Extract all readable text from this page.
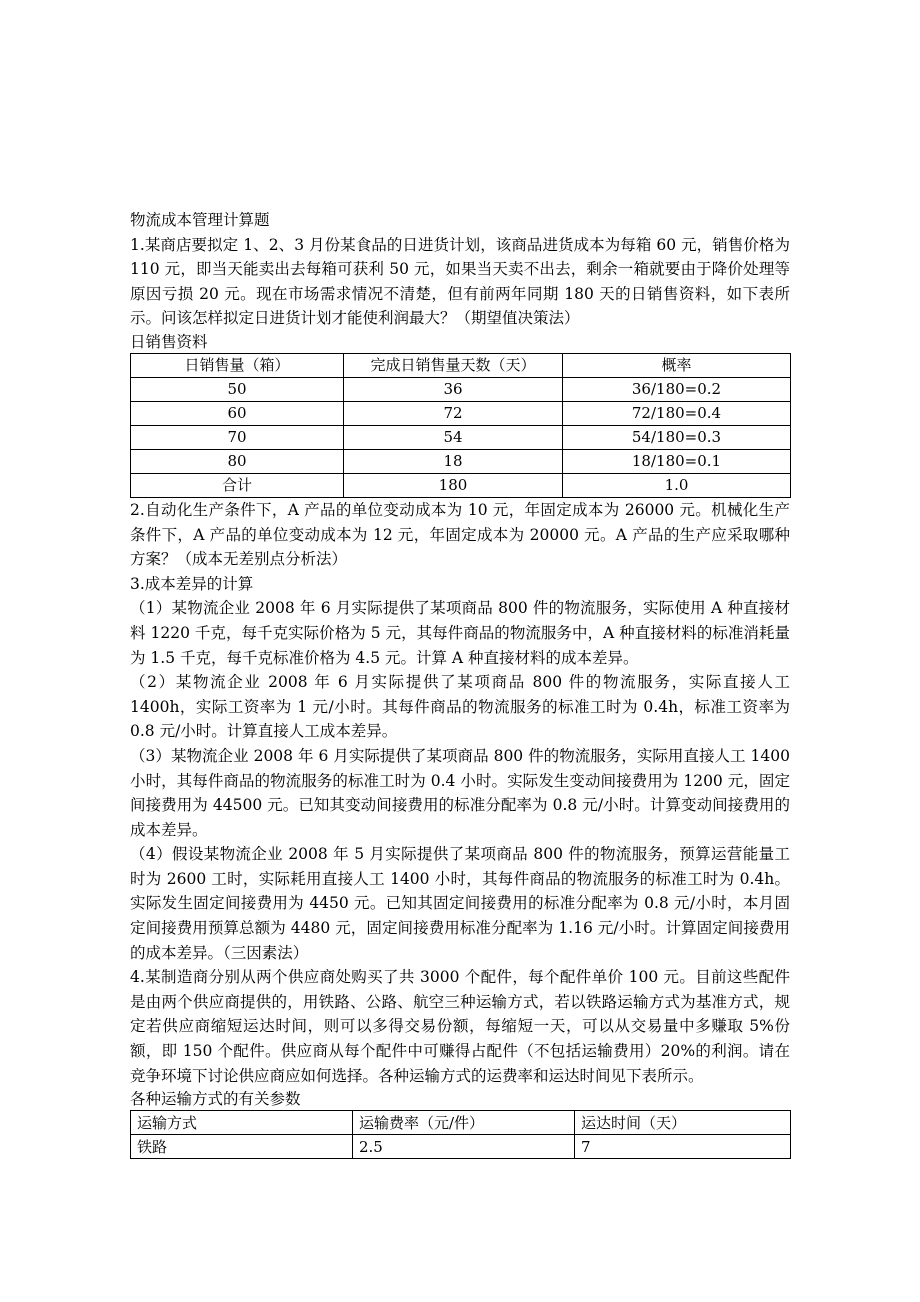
物流成本管理计算题

1.某商店要拟定 1、2、3 月份某食品的日进货计划，该商品进货成本为每箱 60 元，销售价格为 110 元，即当天能卖出去每箱可获利 50 元，如果当天卖不出去，剩余一箱就要由于降价处理等原因亏损 20 元。现在市场需求情况不清楚，但有前两年同期 180 天的日销售资料，如下表所示。问该怎样拟定日进货计划才能使利润最大？（期望值决策法）

日销售资料

日销售量（箱）	完成日销售量天数（天）	概率
50	36	36/180=0.2
60	72	72/180=0.4
70	54	54/180=0.3
80	18	18/180=0.1
合计	180	1.0

2.自动化生产条件下，A 产品的单位变动成本为 10 元，年固定成本为 26000 元。机械化生产条件下，A 产品的单位变动成本为 12 元，年固定成本为 20000 元。A 产品的生产应采取哪种方案？（成本无差别点分析法）

3.成本差异的计算

（1）某物流企业 2008 年 6 月实际提供了某项商品 800 件的物流服务，实际使用 A 种直接材料 1220 千克，每千克实际价格为 5 元，其每件商品的物流服务中，A 种直接材料的标准消耗量为 1.5 千克，每千克标准价格为 4.5 元。计算 A 种直接材料的成本差异。

（2）某物流企业 2008 年 6 月实际提供了某项商品 800 件的物流服务，实际直接人工 1400h，实际工资率为 1 元/小时。其每件商品的物流服务的标准工时为 0.4h，标准工资率为 0.8 元/小时。计算直接人工成本差异。

（3）某物流企业 2008 年 6 月实际提供了某项商品 800 件的物流服务，实际用直接人工 1400 小时，其每件商品的物流服务的标准工时为 0.4 小时。实际发生变动间接费用为 1200 元，固定间接费用为 44500 元。已知其变动间接费用的标准分配率为 0.8 元/小时。计算变动间接费用的成本差异。

（4）假设某物流企业 2008 年 5 月实际提供了某项商品 800 件的物流服务，预算运营能量工时为 2600 工时，实际耗用直接人工 1400 小时，其每件商品的物流服务的标准工时为 0.4h。实际发生固定间接费用为 4450 元。已知其固定间接费用的标准分配率为 0.8 元/小时，本月固定间接费用预算总额为 4480 元，固定间接费用标准分配率为 1.16 元/小时。计算固定间接费用的成本差异。（三因素法）

4.某制造商分别从两个供应商处购买了共 3000 个配件，每个配件单价 100 元。目前这些配件是由两个供应商提供的，用铁路、公路、航空三种运输方式，若以铁路运输方式为基准方式，规定若供应商缩短运达时间，则可以多得交易份额，每缩短一天，可以从交易量中多赚取 5%份额，即 150 个配件。供应商从每个配件中可赚得占配件（不包括运输费用）20%的利润。请在竞争环境下讨论供应商应如何选择。各种运输方式的运费率和运达时间见下表所示。

各种运输方式的有关参数

运输方式	运输费率（元/件）	运达时间（天）
铁路	2.5	7
